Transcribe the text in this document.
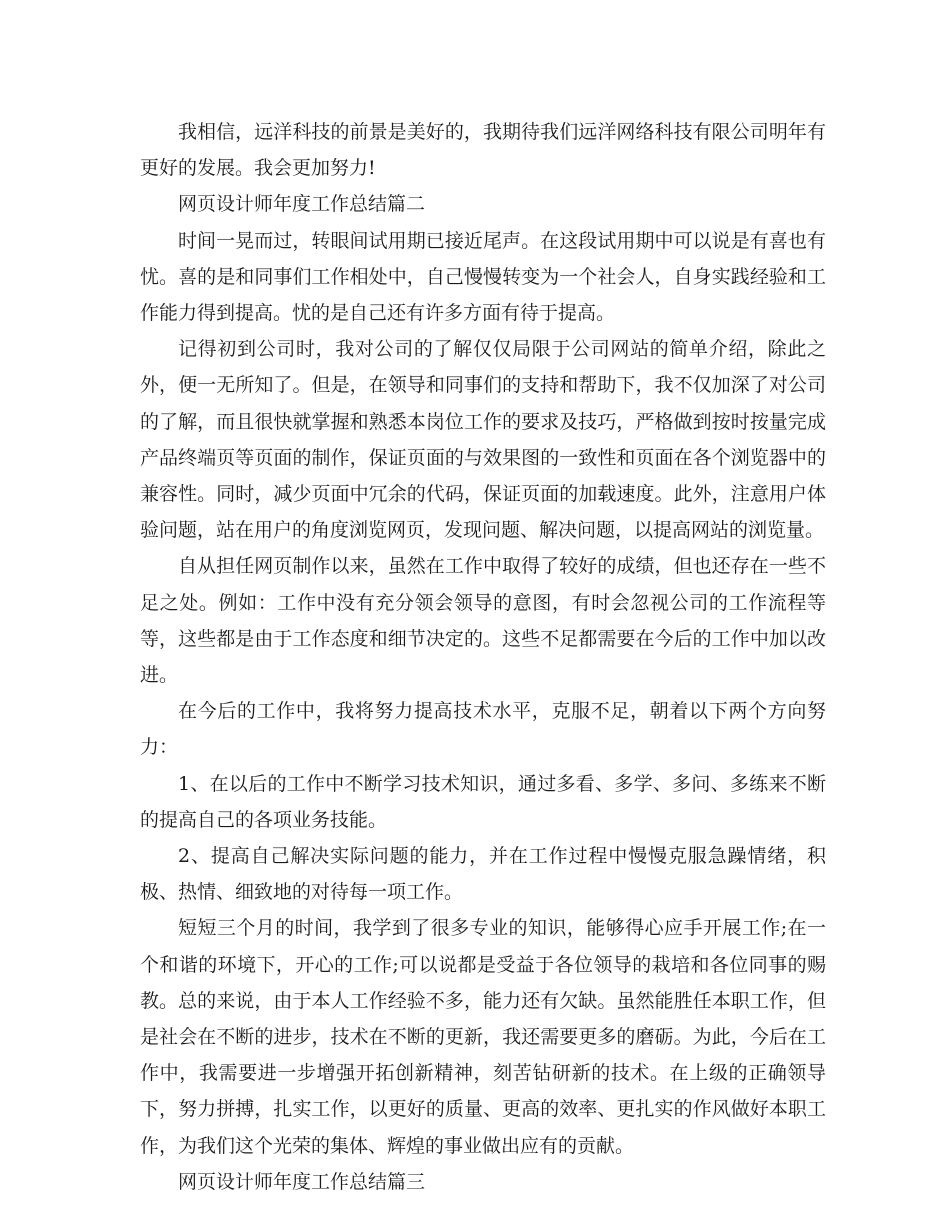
我相信，远洋科技的前景是美好的，我期待我们远洋网络科技有限公司明年有更好的发展。我会更加努力!

网页设计师年度工作总结篇二

时间一晃而过，转眼间试用期已接近尾声。在这段试用期中可以说是有喜也有忧。喜的是和同事们工作相处中，自己慢慢转变为一个社会人，自身实践经验和工作能力得到提高。忧的是自己还有许多方面有待于提高。

记得初到公司时，我对公司的了解仅仅局限于公司网站的简单介绍，除此之外，便一无所知了。但是，在领导和同事们的支持和帮助下，我不仅加深了对公司的了解，而且很快就掌握和熟悉本岗位工作的要求及技巧，严格做到按时按量完成产品终端页等页面的制作，保证页面的与效果图的一致性和页面在各个浏览器中的兼容性。同时，减少页面中冗余的代码，保证页面的加载速度。此外，注意用户体验问题，站在用户的角度浏览网页，发现问题、解决问题，以提高网站的浏览量。

自从担任网页制作以来，虽然在工作中取得了较好的成绩，但也还存在一些不足之处。例如：工作中没有充分领会领导的意图，有时会忽视公司的工作流程等等，这些都是由于工作态度和细节决定的。这些不足都需要在今后的工作中加以改进。

在今后的工作中，我将努力提高技术水平，克服不足，朝着以下两个方向努力：

1、在以后的工作中不断学习技术知识，通过多看、多学、多问、多练来不断的提高自己的各项业务技能。

2、提高自己解决实际问题的能力，并在工作过程中慢慢克服急躁情绪，积极、热情、细致地的对待每一项工作。

短短三个月的时间，我学到了很多专业的知识，能够得心应手开展工作;在一个和谐的环境下，开心的工作;可以说都是受益于各位领导的栽培和各位同事的赐教。总的来说，由于本人工作经验不多，能力还有欠缺。虽然能胜任本职工作，但是社会在不断的进步，技术在不断的更新，我还需要更多的磨砺。为此，今后在工作中，我需要进一步增强开拓创新精神，刻苦钻研新的技术。在上级的正确领导下，努力拼搏，扎实工作，以更好的质量、更高的效率、更扎实的作风做好本职工作，为我们这个光荣的集体、辉煌的事业做出应有的贡献。

网页设计师年度工作总结篇三
